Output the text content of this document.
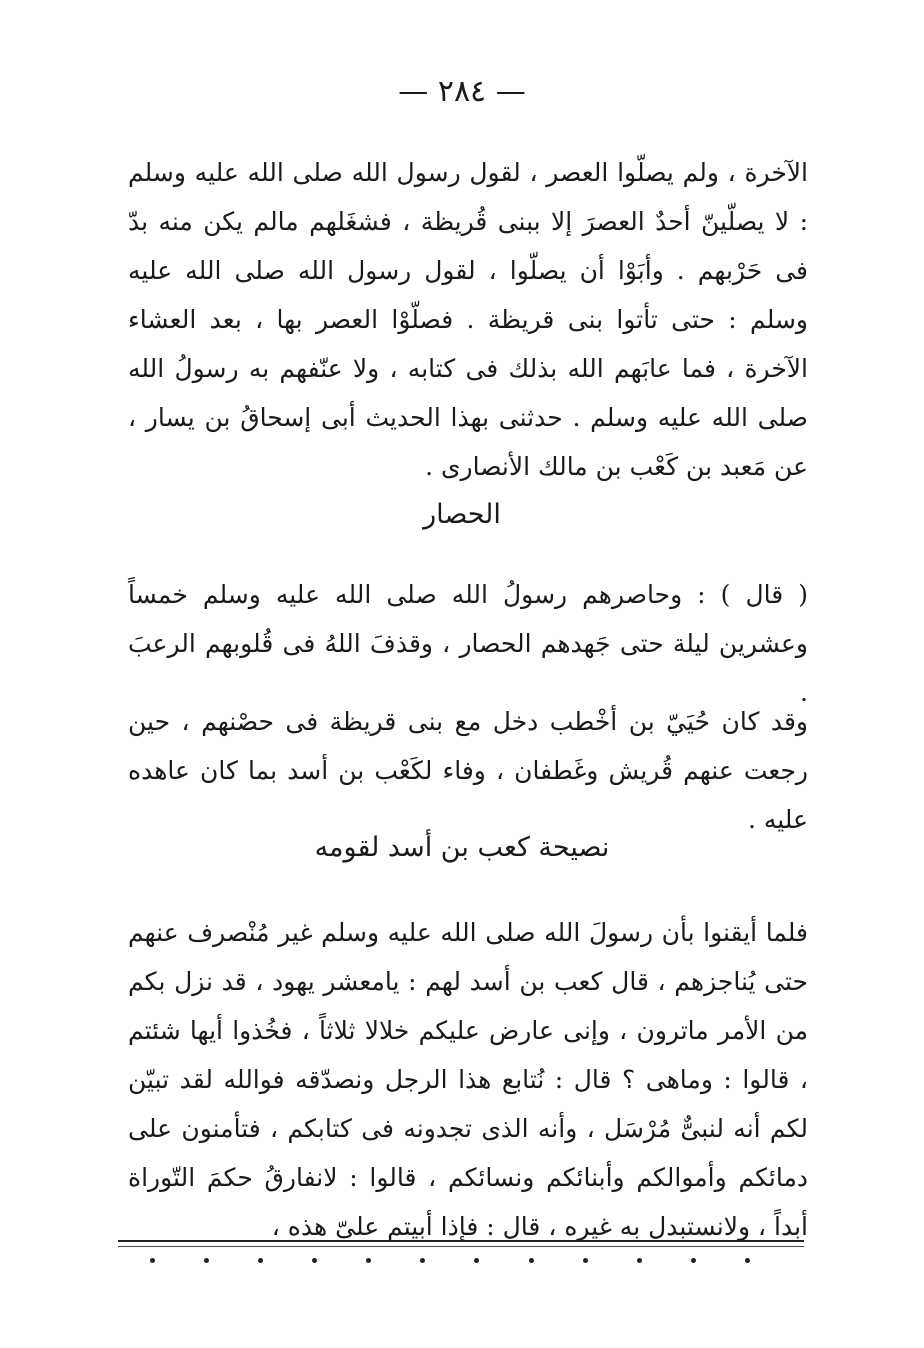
— ٢٨٤ —

الآخرة ، ولم يصلّوا العصر ، لقول رسول الله صلى الله عليه وسلم : لا يصلّينّ أحدٌ العصرَ إلا ببنى قُريظة ، فشغَلهم مالم يكن منه بدّ فى حَرْبهم . وأبَوْا أن يصلّوا ، لقول رسول الله صلى الله عليه وسلم : حتى تأتوا بنى قريظة . فصلّوْا العصر بها ، بعد العشاء الآخرة ، فما عابَهم الله بذلك فى كتابه ، ولا عنّفهم به رسولُ الله صلى الله عليه وسلم . حدثنى بهذا الحديث أبى إسحاقُ بن يسار ، عن مَعبد بن كَعْب بن مالك الأنصارى .

الحصار

( قال ) : وحاصرهم رسولُ الله صلى الله عليه وسلم خمساً وعشرين ليلة حتى جَهدهم الحصار ، وقذفَ اللهُ فى قُلوبهم الرعبَ .

وقد كان حُيَيّ بن أخْطب دخل مع بنى قريظة فى حصْنهم ، حين رجعت عنهم قُريش وغَطفان ، وفاء لكَعْب بن أسد بما كان عاهده عليه .

نصيحة كعب بن أسد لقومه

فلما أيقنوا بأن رسولَ الله صلى الله عليه وسلم غير مُنْصرف عنهم حتى يُناجزهم ، قال كعب بن أسد لهم : يامعشر يهود ، قد نزل بكم من الأمر ماترون ، وإنى عارض عليكم خلالا ثلاثاً ، فخُذوا أيها شئتم ، قالوا : وماهى ؟ قال : نُتابع هذا الرجل ونصدّقه فوالله لقد تبيّن لكم أنه لنبىٌّ مُرْسَل ، وأنه الذى تجدونه فى كتابكم ، فتأمنون على دمائكم وأموالكم وأبنائكم ونسائكم ، قالوا : لانفارقُ حكمَ التّوراة أبداً ، ولانستبدل به غيره ، قال : فإذا أبيتم علىّ هذه ،
